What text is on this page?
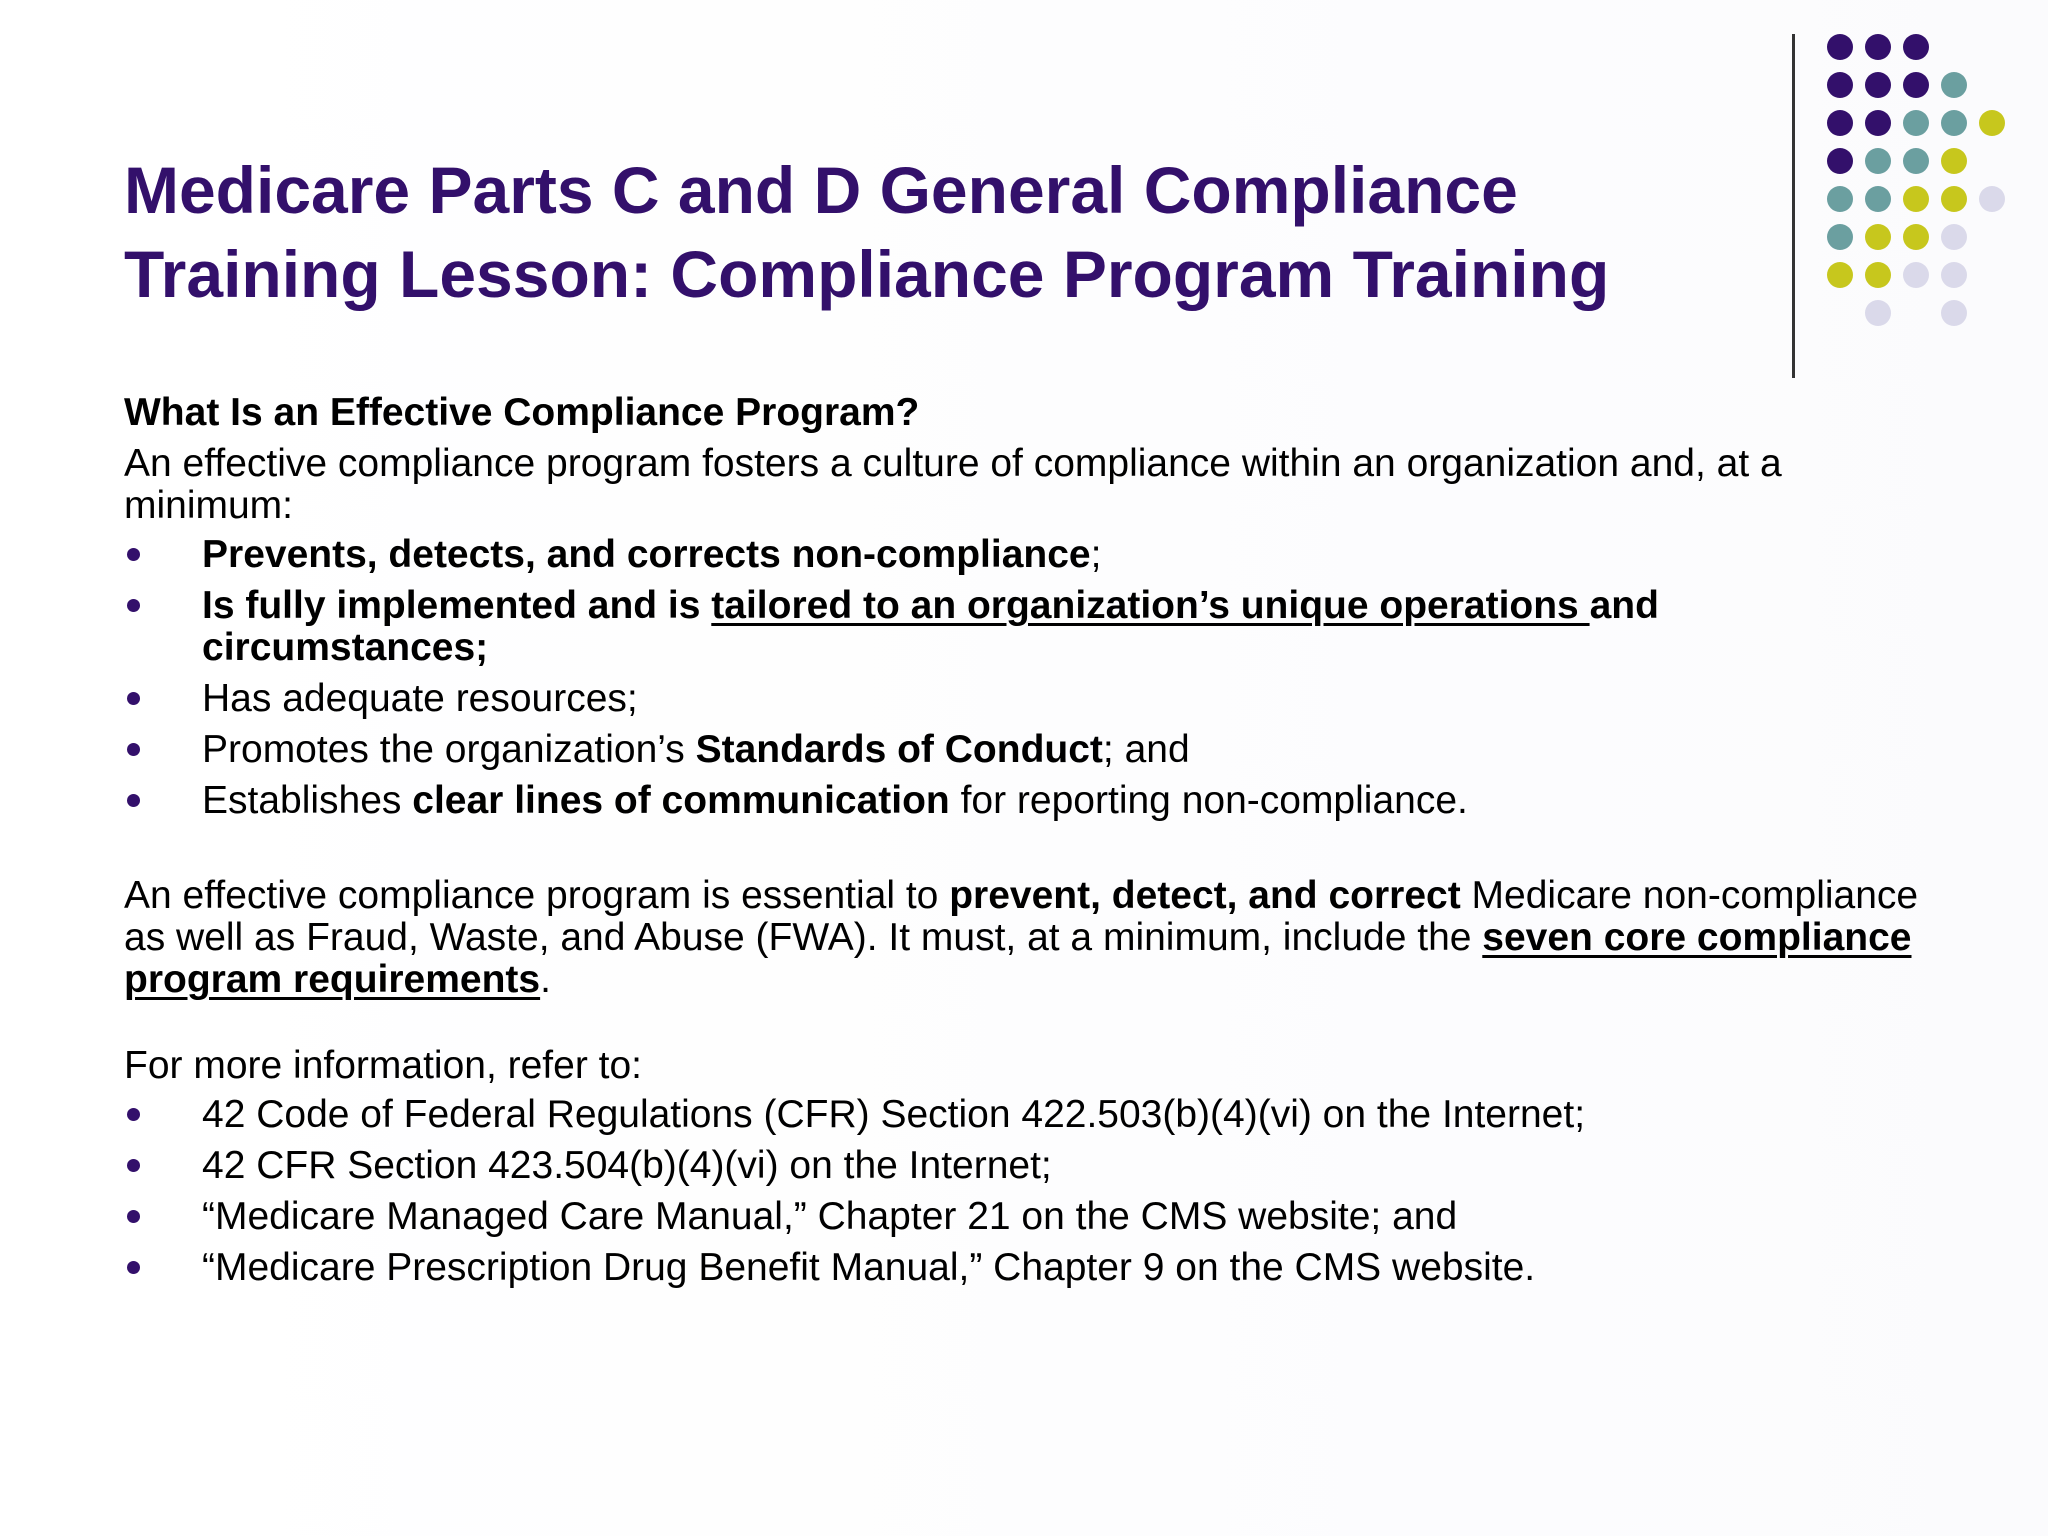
Medicare Parts C and D General Compliance
Training Lesson: Compliance Program Training

What Is an Effective Compliance Program?

An effective compliance program fosters a culture of compliance within an organization and, at a minimum:

Prevents, detects, and corrects non-compliance;
Is fully implemented and is tailored to an organization’s unique operations and circumstances;
Has adequate resources;
Promotes the organization’s Standards of Conduct; and
Establishes clear lines of communication for reporting non-compliance.

An effective compliance program is essential to prevent, detect, and correct Medicare non-compliance as well as Fraud, Waste, and Abuse (FWA). It must, at a minimum, include the seven core compliance program requirements.

For more information, refer to:

42 Code of Federal Regulations (CFR) Section 422.503(b)(4)(vi) on the Internet;
42 CFR Section 423.504(b)(4)(vi) on the Internet;
“Medicare Managed Care Manual,” Chapter 21 on the CMS website; and
“Medicare Prescription Drug Benefit Manual,” Chapter 9 on the CMS website.
